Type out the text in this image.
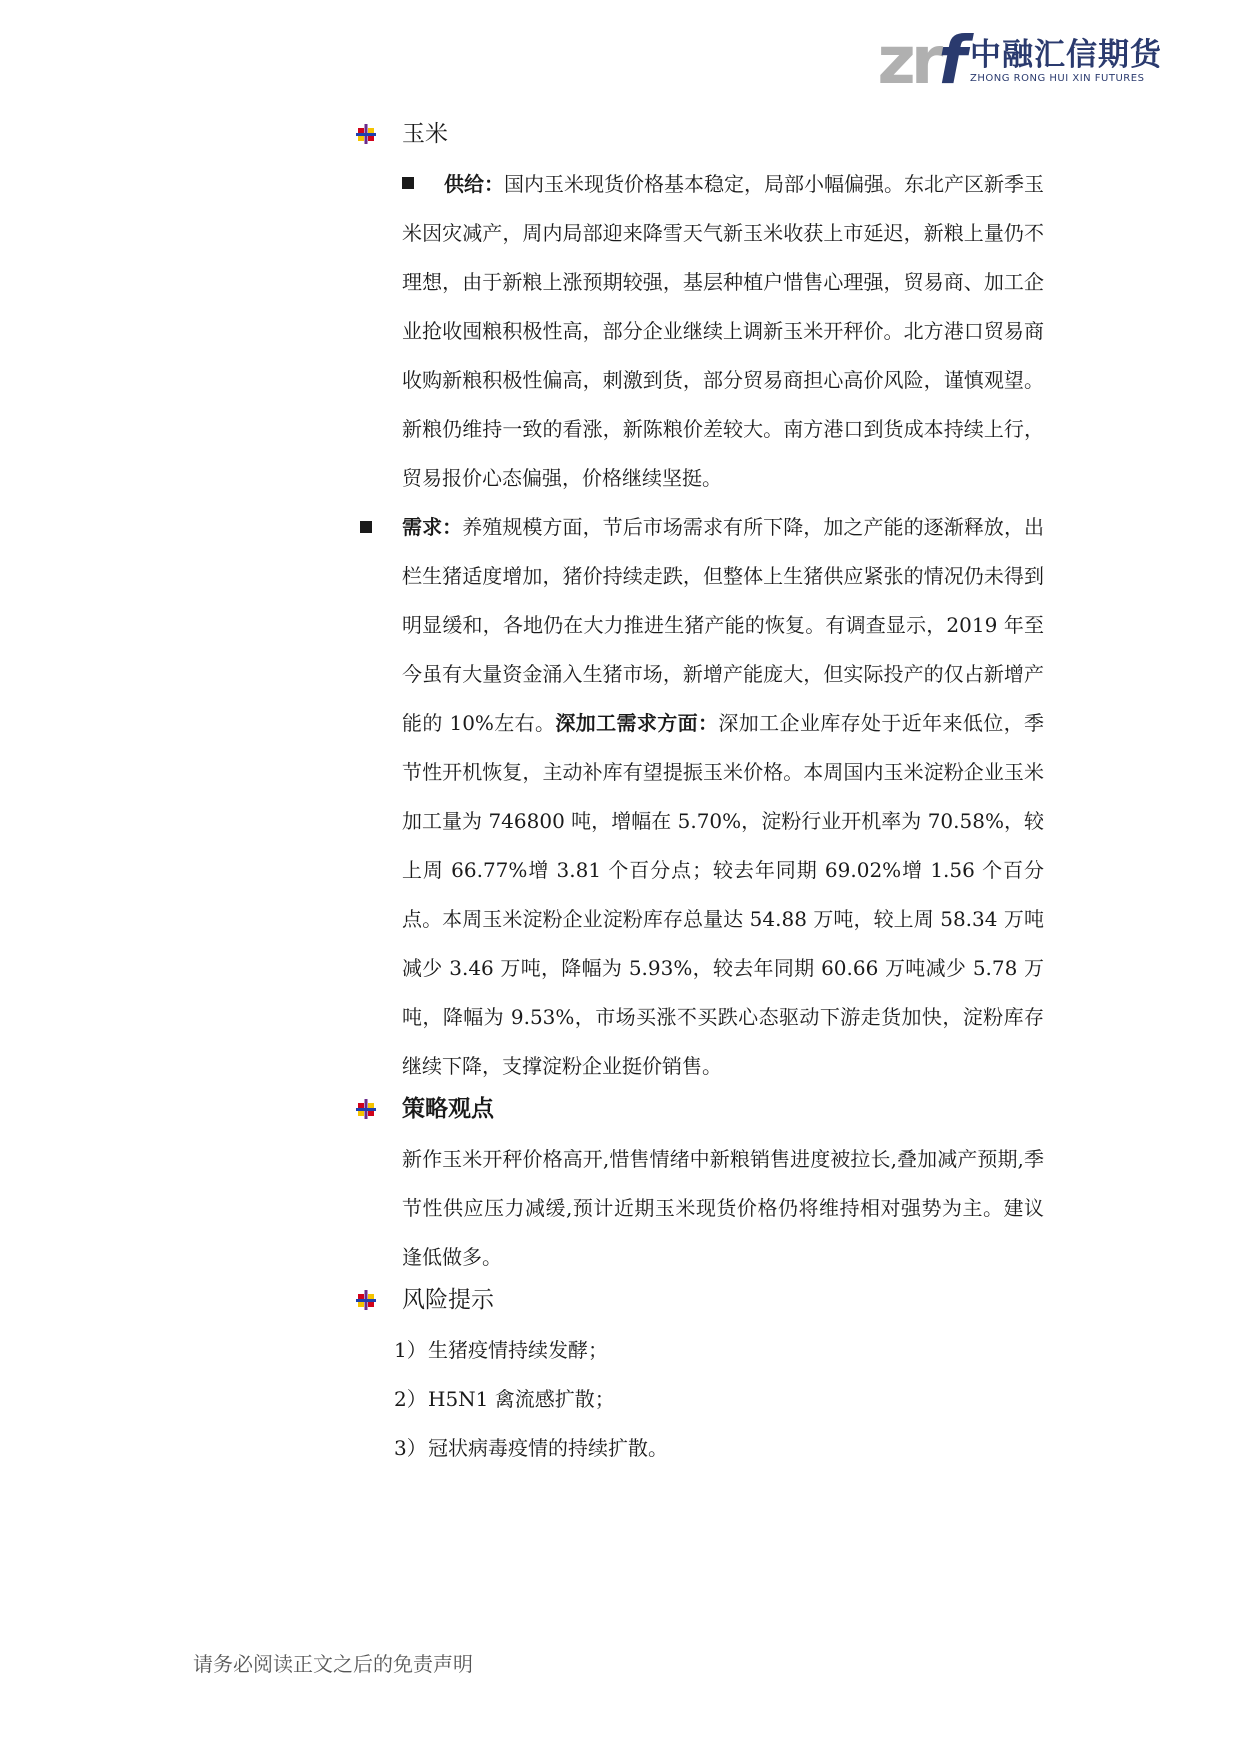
zrf 中融汇信期货
ZHONG RONG HUI XIN FUTURES
玉米

供给：国内玉米现货价格基本稳定，局部小幅偏强。东北产区新季玉米因灾减产，周内局部迎来降雪天气新玉米收获上市延迟，新粮上量仍不理想，由于新粮上涨预期较强，基层种植户惜售心理强，贸易商、加工企业抢收囤粮积极性高，部分企业继续上调新玉米开秤价。北方港口贸易商收购新粮积极性偏高，刺激到货，部分贸易商担心高价风险，谨慎观望。新粮仍维持一致的看涨，新陈粮价差较大。南方港口到货成本持续上行，贸易报价心态偏强，价格继续坚挺。

需求：养殖规模方面，节后市场需求有所下降，加之产能的逐渐释放，出栏生猪适度增加，猪价持续走跌，但整体上生猪供应紧张的情况仍未得到明显缓和，各地仍在大力推进生猪产能的恢复。有调查显示，2019 年至今虽有大量资金涌入生猪市场，新增产能庞大，但实际投产的仅占新增产能的 10%左右。深加工需求方面：深加工企业库存处于近年来低位，季节性开机恢复，主动补库有望提振玉米价格。本周国内玉米淀粉企业玉米加工量为 746800 吨，增幅在 5.70%，淀粉行业开机率为 70.58%，较上周 66.77%增 3.81 个百分点；较去年同期 69.02%增 1.56 个百分点。本周玉米淀粉企业淀粉库存总量达 54.88 万吨，较上周 58.34 万吨减少 3.46 万吨，降幅为 5.93%，较去年同期 60.66 万吨减少 5.78 万吨，降幅为 9.53%，市场买涨不买跌心态驱动下游走货加快，淀粉库存继续下降，支撑淀粉企业挺价销售。

策略观点

新作玉米开秤价格高开,惜售情绪中新粮销售进度被拉长,叠加减产预期,季节性供应压力减缓,预计近期玉米现货价格仍将维持相对强势为主。建议逢低做多。

风险提示

1）生猪疫情持续发酵；

2）H5N1 禽流感扩散；

3）冠状病毒疫情的持续扩散。

请务必阅读正文之后的免责声明
